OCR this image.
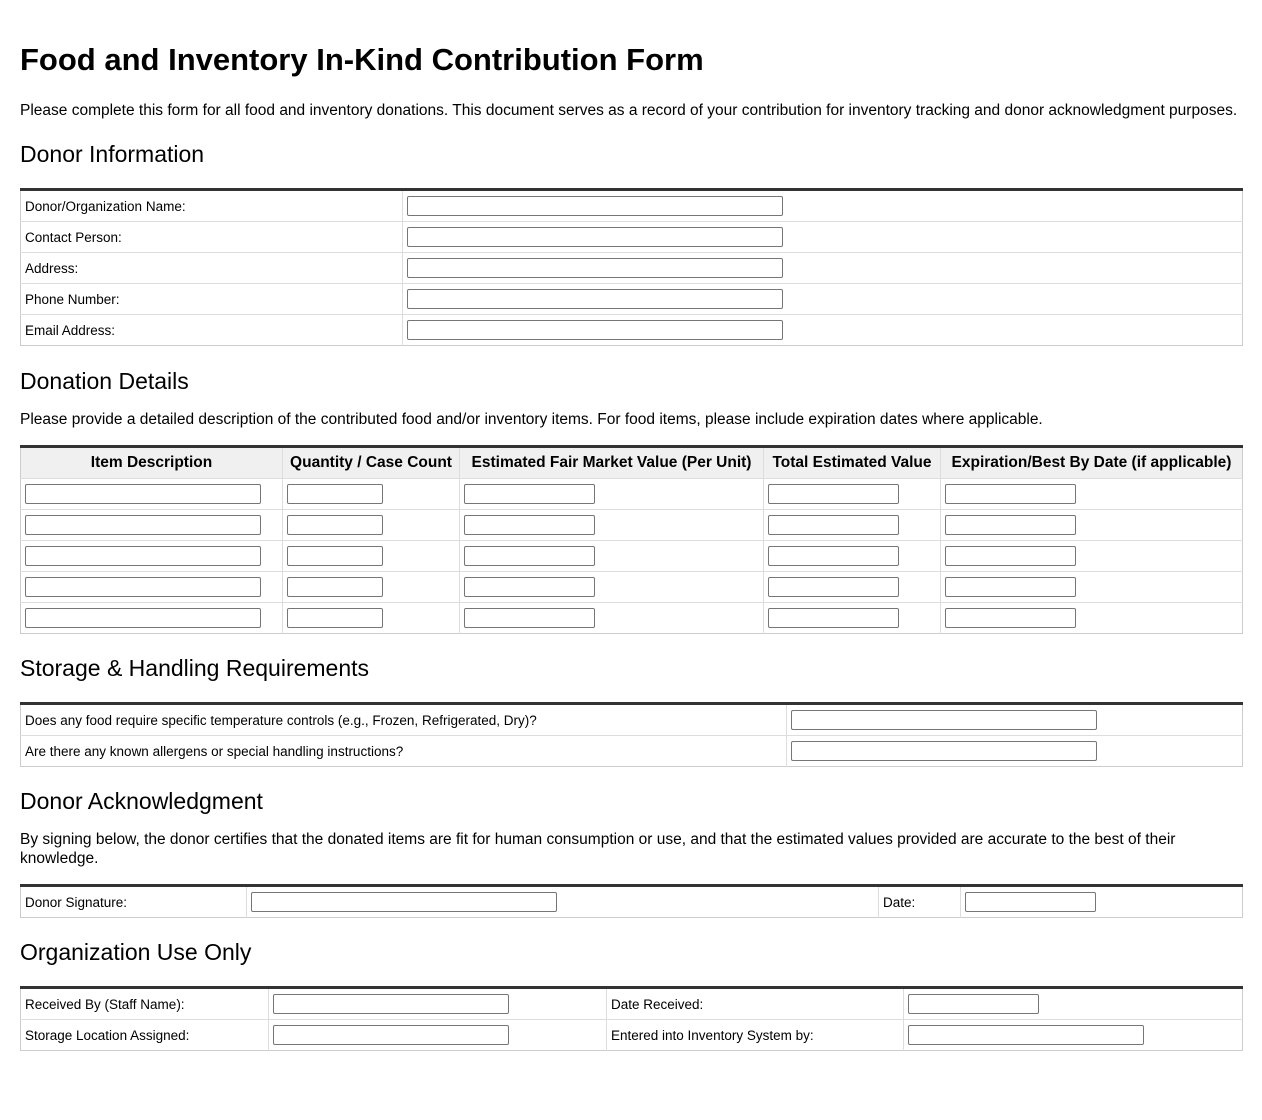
Food and Inventory In-Kind Contribution Form

Please complete this form for all food and inventory donations. This document serves as a record of your contribution for inventory tracking and donor acknowledgment purposes.

Donor Information
Donor/Organization Name:	

Contact Person:	

Address:	

Phone Number:	

Email Address:	
Donation Details

Please provide a detailed description of the contributed food and/or inventory items. For food items, please include expiration dates where applicable.

Item Description	Quantity / Case Count	Estimated Fair Market Value (Per Unit)	Total Estimated Value	Expiration/Best By Date (if applicable)

Storage & Handling Requirements
Does any food require specific temperature controls (e.g., Frozen, Refrigerated, Dry)?	

Are there any known allergens or special handling instructions?	
Donor Acknowledgment

By signing below, the donor certifies that the donated items are fit for human consumption or use, and that the estimated values provided are accurate to the best of their knowledge.

Donor Signature:		Date:	
Organization Use Only
Received By (Staff Name):		Date Received:	

Storage Location Assigned:		Entered into Inventory System by:	
